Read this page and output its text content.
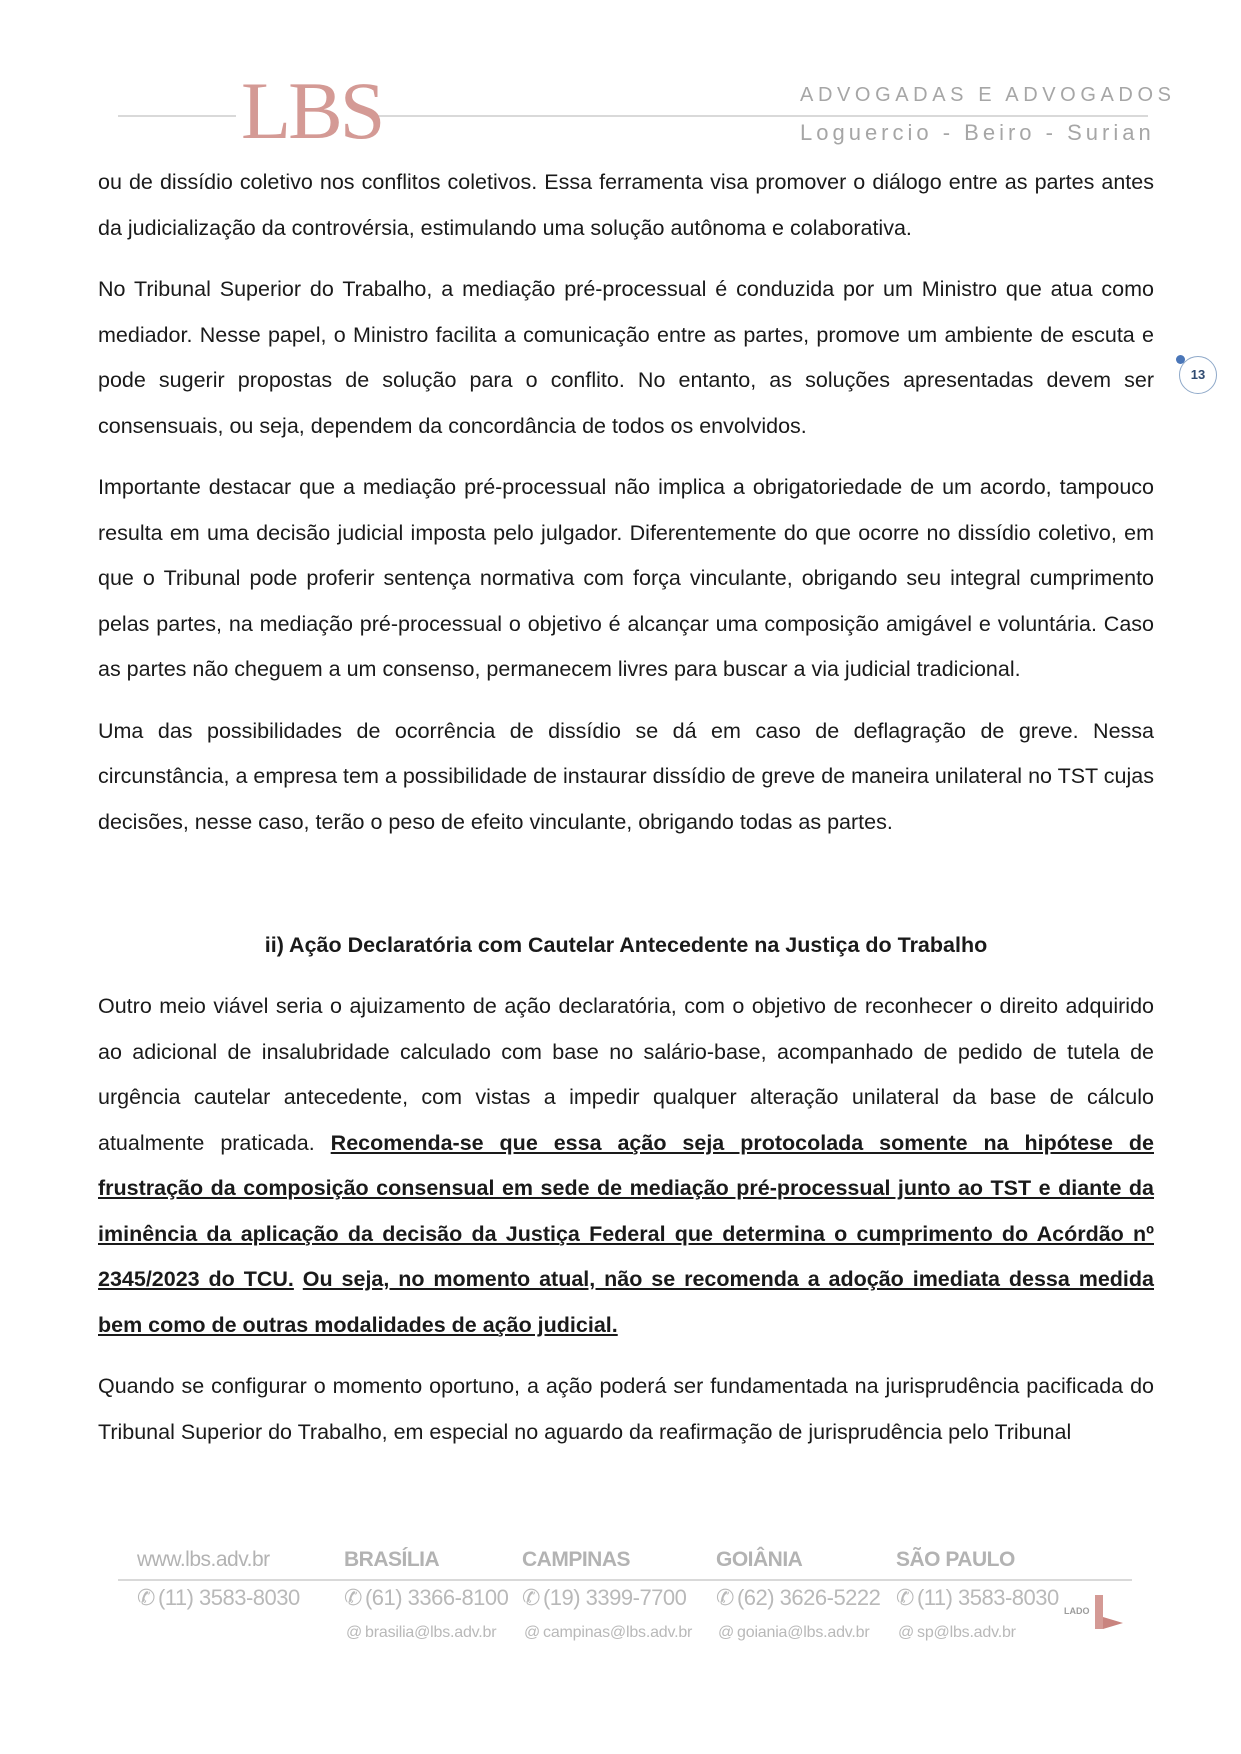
LBS	ADVOGADAS E ADVOGADOS
Loguercio - Beiro - Surian
13

ou de dissídio coletivo nos conflitos coletivos. Essa ferramenta visa promover o diálogo entre as partes antes da judicialização da controvérsia, estimulando uma solução autônoma e colaborativa.

No Tribunal Superior do Trabalho, a mediação pré-processual é conduzida por um Ministro que atua como mediador. Nesse papel, o Ministro facilita a comunicação entre as partes, promove um ambiente de escuta e pode sugerir propostas de solução para o conflito. No entanto, as soluções apresentadas devem ser consensuais, ou seja, dependem da concordância de todos os envolvidos.

Importante destacar que a mediação pré-processual não implica a obrigatoriedade de um acordo, tampouco resulta em uma decisão judicial imposta pelo julgador. Diferentemente do que ocorre no dissídio coletivo, em que o Tribunal pode proferir sentença normativa com força vinculante, obrigando seu integral cumprimento pelas partes, na mediação pré-processual o objetivo é alcançar uma composição amigável e voluntária. Caso as partes não cheguem a um consenso, permanecem livres para buscar a via judicial tradicional.

Uma das possibilidades de ocorrência de dissídio se dá em caso de deflagração de greve. Nessa circunstância, a empresa tem a possibilidade de instaurar dissídio de greve de maneira unilateral no TST cujas decisões, nesse caso, terão o peso de efeito vinculante, obrigando todas as partes.

ii) Ação Declaratória com Cautelar Antecedente na Justiça do Trabalho

Outro meio viável seria o ajuizamento de ação declaratória, com o objetivo de reconhecer o direito adquirido ao adicional de insalubridade calculado com base no salário-base, acompanhado de pedido de tutela de urgência cautelar antecedente, com vistas a impedir qualquer alteração unilateral da base de cálculo atualmente praticada. Recomenda-se que essa ação seja protocolada somente na hipótese de frustração da composição consensual em sede de mediação pré-processual junto ao TST e diante da iminência da aplicação da decisão da Justiça Federal que determina o cumprimento do Acórdão nº 2345/2023 do TCU. Ou seja, no momento atual, não se recomenda a adoção imediata dessa medida bem como de outras modalidades de ação judicial.

Quando se configurar o momento oportuno, a ação poderá ser fundamentada na jurisprudência pacificada do Tribunal Superior do Trabalho, em especial no aguardo da reafirmação de jurisprudência pelo Tribunal

www.lbs.adv.br
✆ (11) 3583-8030
BRASÍLIA
✆ (61) 3366-8100
@ brasilia@lbs.adv.br
CAMPINAS
✆ (19) 3399-7700
@ campinas@lbs.adv.br
GOIÂNIA
✆ (62) 3626-5222
@ goiania@lbs.adv.br
SÃO PAULO
✆ (11) 3583-8030
@ sp@lbs.adv.br
LADO
